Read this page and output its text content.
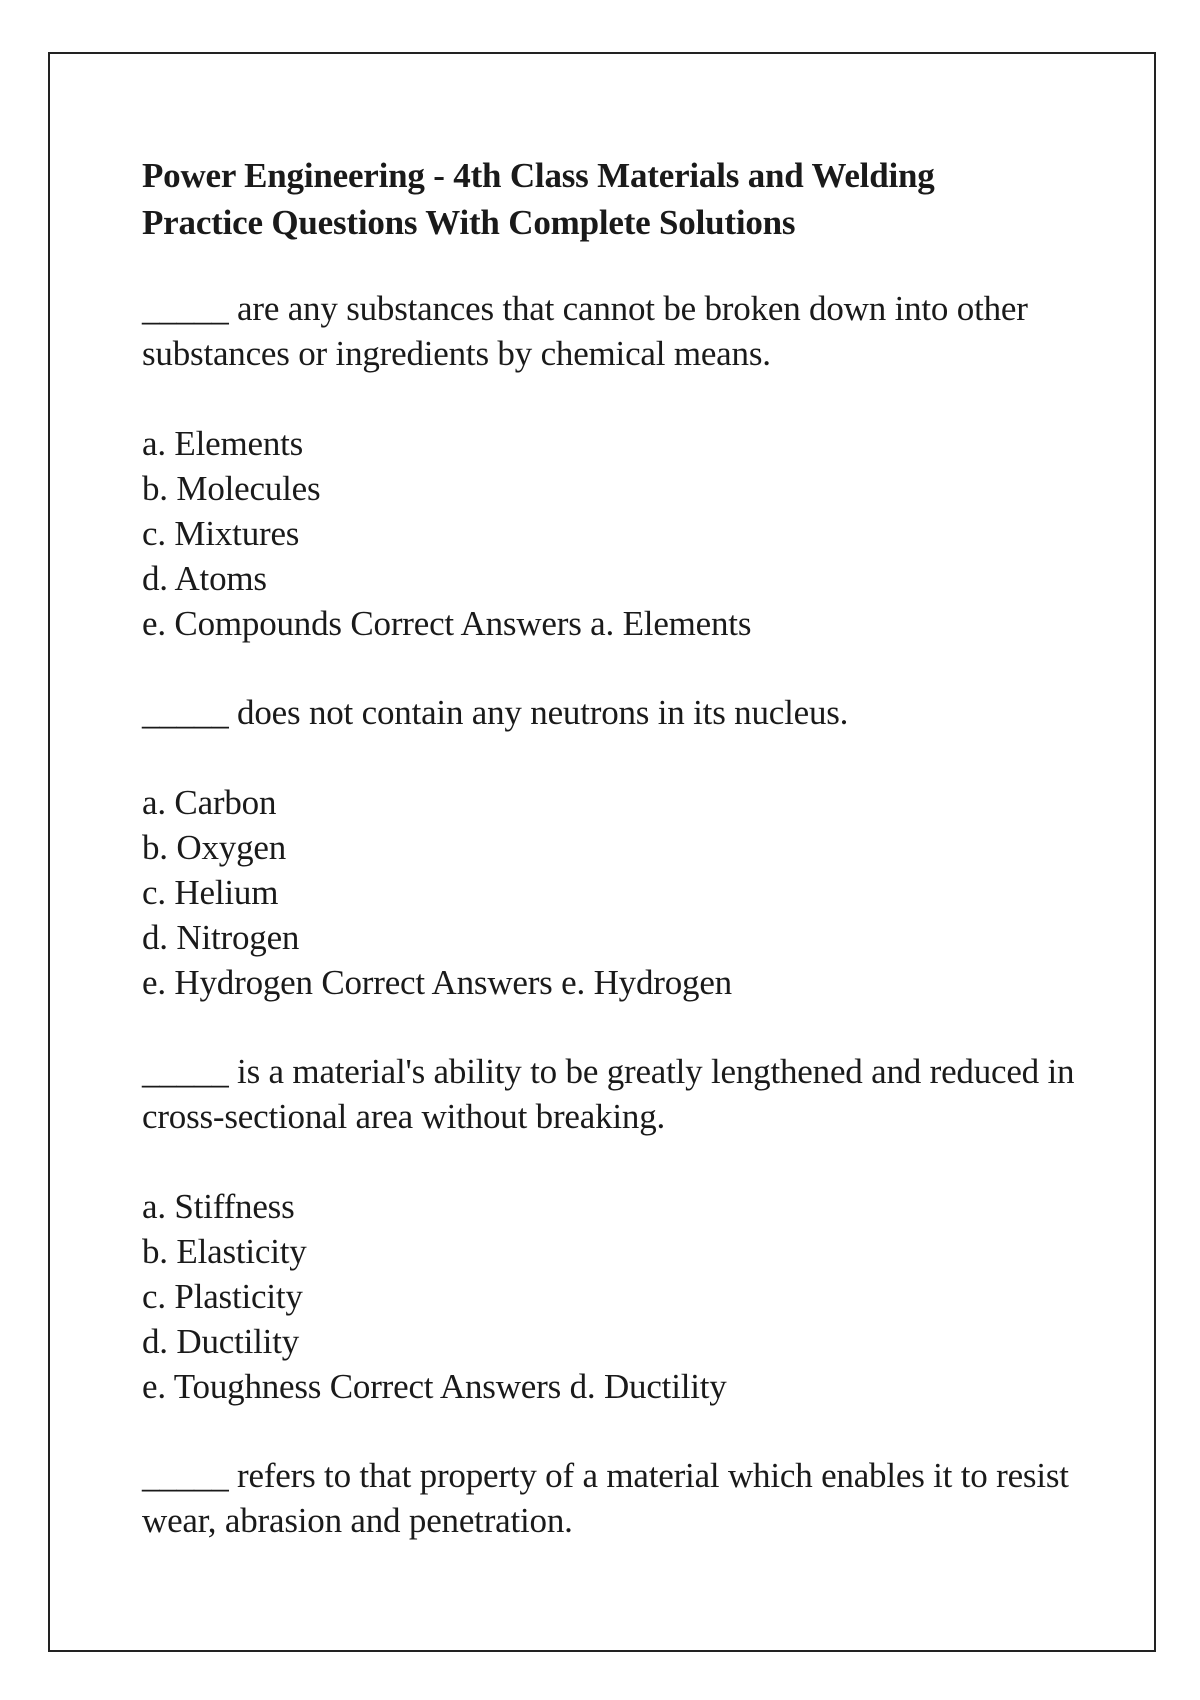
Power Engineering - 4th Class Materials and Welding
Practice Questions With Complete Solutions
_____ are any substances that cannot be broken down into other substances or ingredients by chemical means.
a. Elements
b. Molecules
c. Mixtures
d. Atoms
e. Compounds Correct Answers a. Elements
_____ does not contain any neutrons in its nucleus.
a. Carbon
b. Oxygen
c. Helium
d. Nitrogen
e. Hydrogen Correct Answers e. Hydrogen
_____ is a material's ability to be greatly lengthened and reduced in cross-sectional area without breaking.
a. Stiffness
b. Elasticity
c. Plasticity
d. Ductility
e. Toughness Correct Answers d. Ductility
_____ refers to that property of a material which enables it to resist wear, abrasion and penetration.
